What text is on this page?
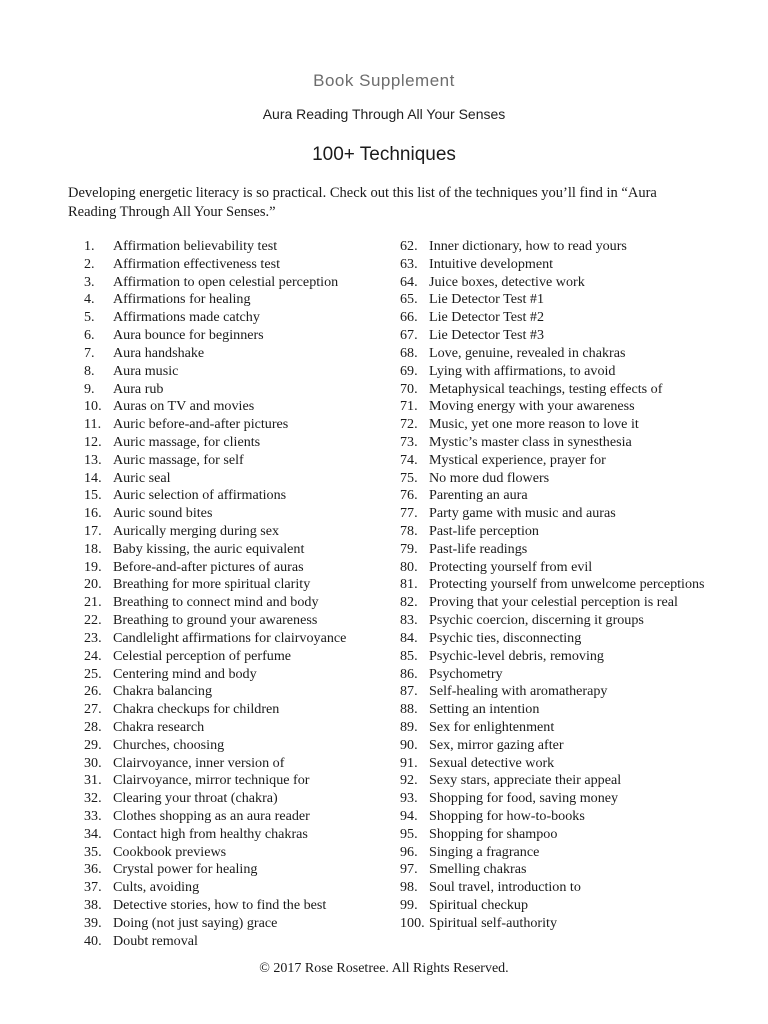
Book Supplement
Aura Reading Through All Your Senses
100+ Techniques

Developing energetic literacy is so practical. Check out this list of the techniques you’ll find in “Aura Reading Through All Your Senses.”

1.	Affirmation believability test
2.	Affirmation effectiveness test
3.	Affirmation to open celestial perception
4.	Affirmations for healing
5.	Affirmations made catchy
6.	Aura bounce for beginners
7.	Aura handshake
8.	Aura music
9.	Aura rub
10. Auras on TV and movies
11. Auric before-and-after pictures
12. Auric massage, for clients
13. Auric massage, for self
14. Auric seal
15. Auric selection of affirmations
16. Auric sound bites
17. Aurically merging during sex
18. Baby kissing, the auric equivalent
19. Before-and-after pictures of auras
20. Breathing for more spiritual clarity
21. Breathing to connect mind and body
22. Breathing to ground your awareness
23. Candlelight affirmations for clairvoyance
24. Celestial perception of perfume
25. Centering mind and body
26. Chakra balancing
27. Chakra checkups for children
28. Chakra research
29. Churches, choosing
30. Clairvoyance, inner version of
31. Clairvoyance, mirror technique for
32. Clearing your throat (chakra)
33. Clothes shopping as an aura reader
34. Contact high from healthy chakras
35. Cookbook previews
36. Crystal power for healing
37. Cults, avoiding
38. Detective stories, how to find the best
39. Doing (not just saying) grace
40. Doubt removal
62. Inner dictionary, how to read yours
63. Intuitive development
64. Juice boxes, detective work
65. Lie Detector Test #1
66. Lie Detector Test #2
67. Lie Detector Test #3
68. Love, genuine, revealed in chakras
69. Lying with affirmations, to avoid
70. Metaphysical teachings, testing effects of
71. Moving energy with your awareness
72. Music, yet one more reason to love it
73. Mystic’s master class in synesthesia
74. Mystical experience, prayer for
75. No more dud flowers
76. Parenting an aura
77. Party game with music and auras
78. Past-life perception
79. Past-life readings
80. Protecting yourself from evil
81. Protecting yourself from unwelcome perceptions
82. Proving that your celestial perception is real
83. Psychic coercion, discerning it groups
84. Psychic ties, disconnecting
85. Psychic-level debris, removing
86. Psychometry
87. Self-healing with aromatherapy
88. Setting an intention
89. Sex for enlightenment
90. Sex, mirror gazing after
91. Sexual detective work
92. Sexy stars, appreciate their appeal
93. Shopping for food, saving money
94. Shopping for how-to-books
95. Shopping for shampoo
96. Singing a fragrance
97. Smelling chakras
98. Soul travel, introduction to
99. Spiritual checkup
100. Spiritual self-authority
© 2017 Rose Rosetree. All Rights Reserved.
